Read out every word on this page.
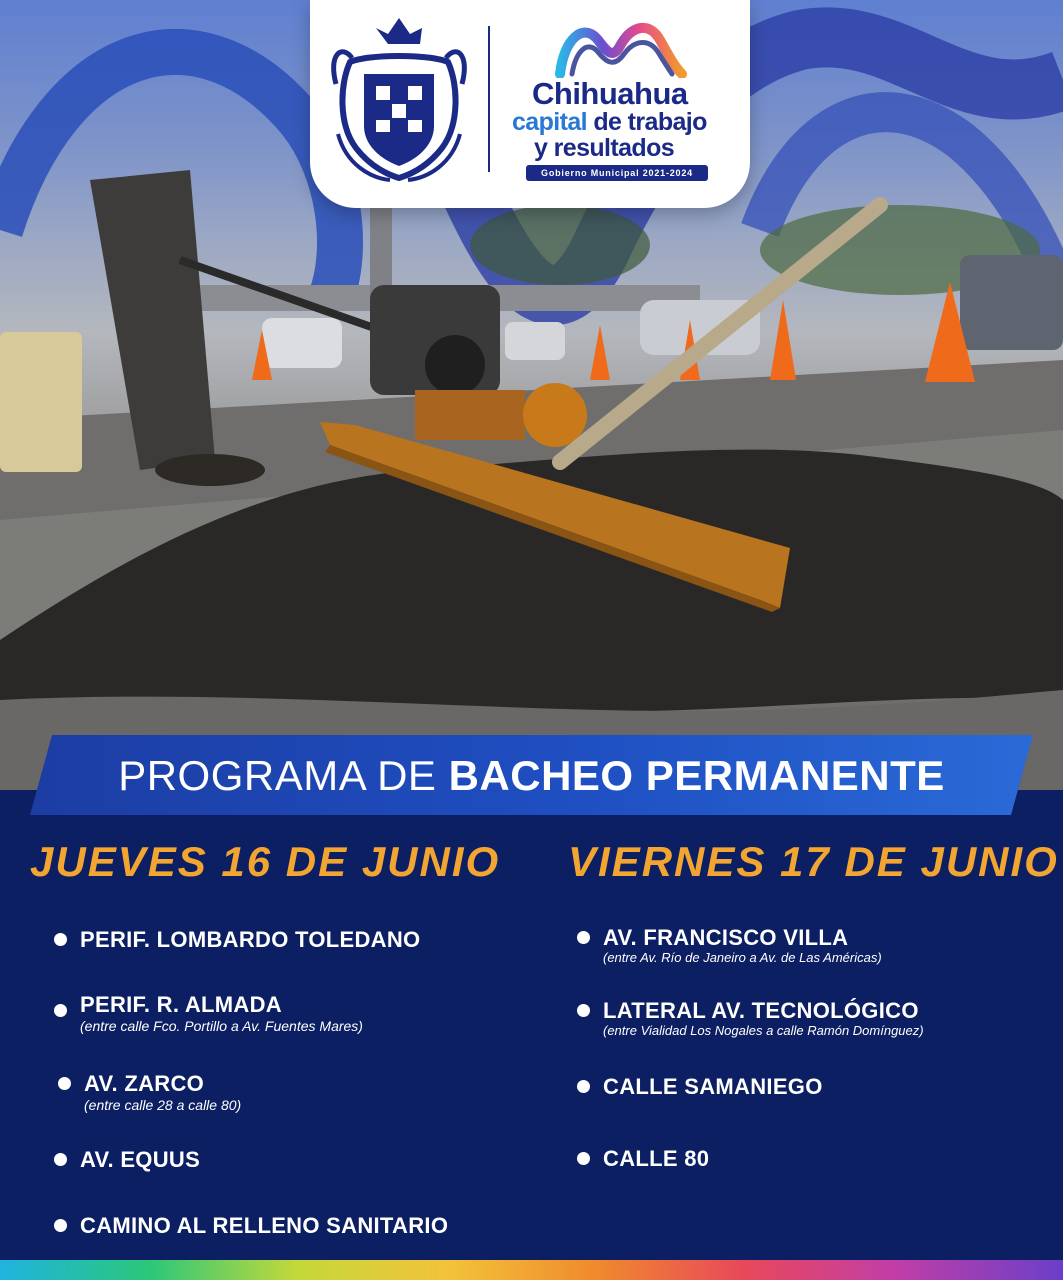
Chihuahua
capital de trabajo
y resultados
Gobierno Municipal 2021-2024
PROGRAMA DE BACHEO PERMANENTE
JUEVES 16 DE JUNIO VIERNES 17 DE JUNIO
PERIF. LOMBARDO TOLEDANO
PERIF. R. ALMADA
(entre calle Fco. Portillo a Av. Fuentes Mares)
AV. ZARCO
(entre calle 28 a calle 80)
AV. EQUUS
CAMINO AL RELLENO SANITARIO
AV. FRANCISCO VILLA
(entre Av. Río de Janeiro a Av. de Las Américas)
LATERAL AV. TECNOLÓGICO
(entre Vialidad Los Nogales a calle Ramón Domínguez)
CALLE SAMANIEGO
CALLE 80
